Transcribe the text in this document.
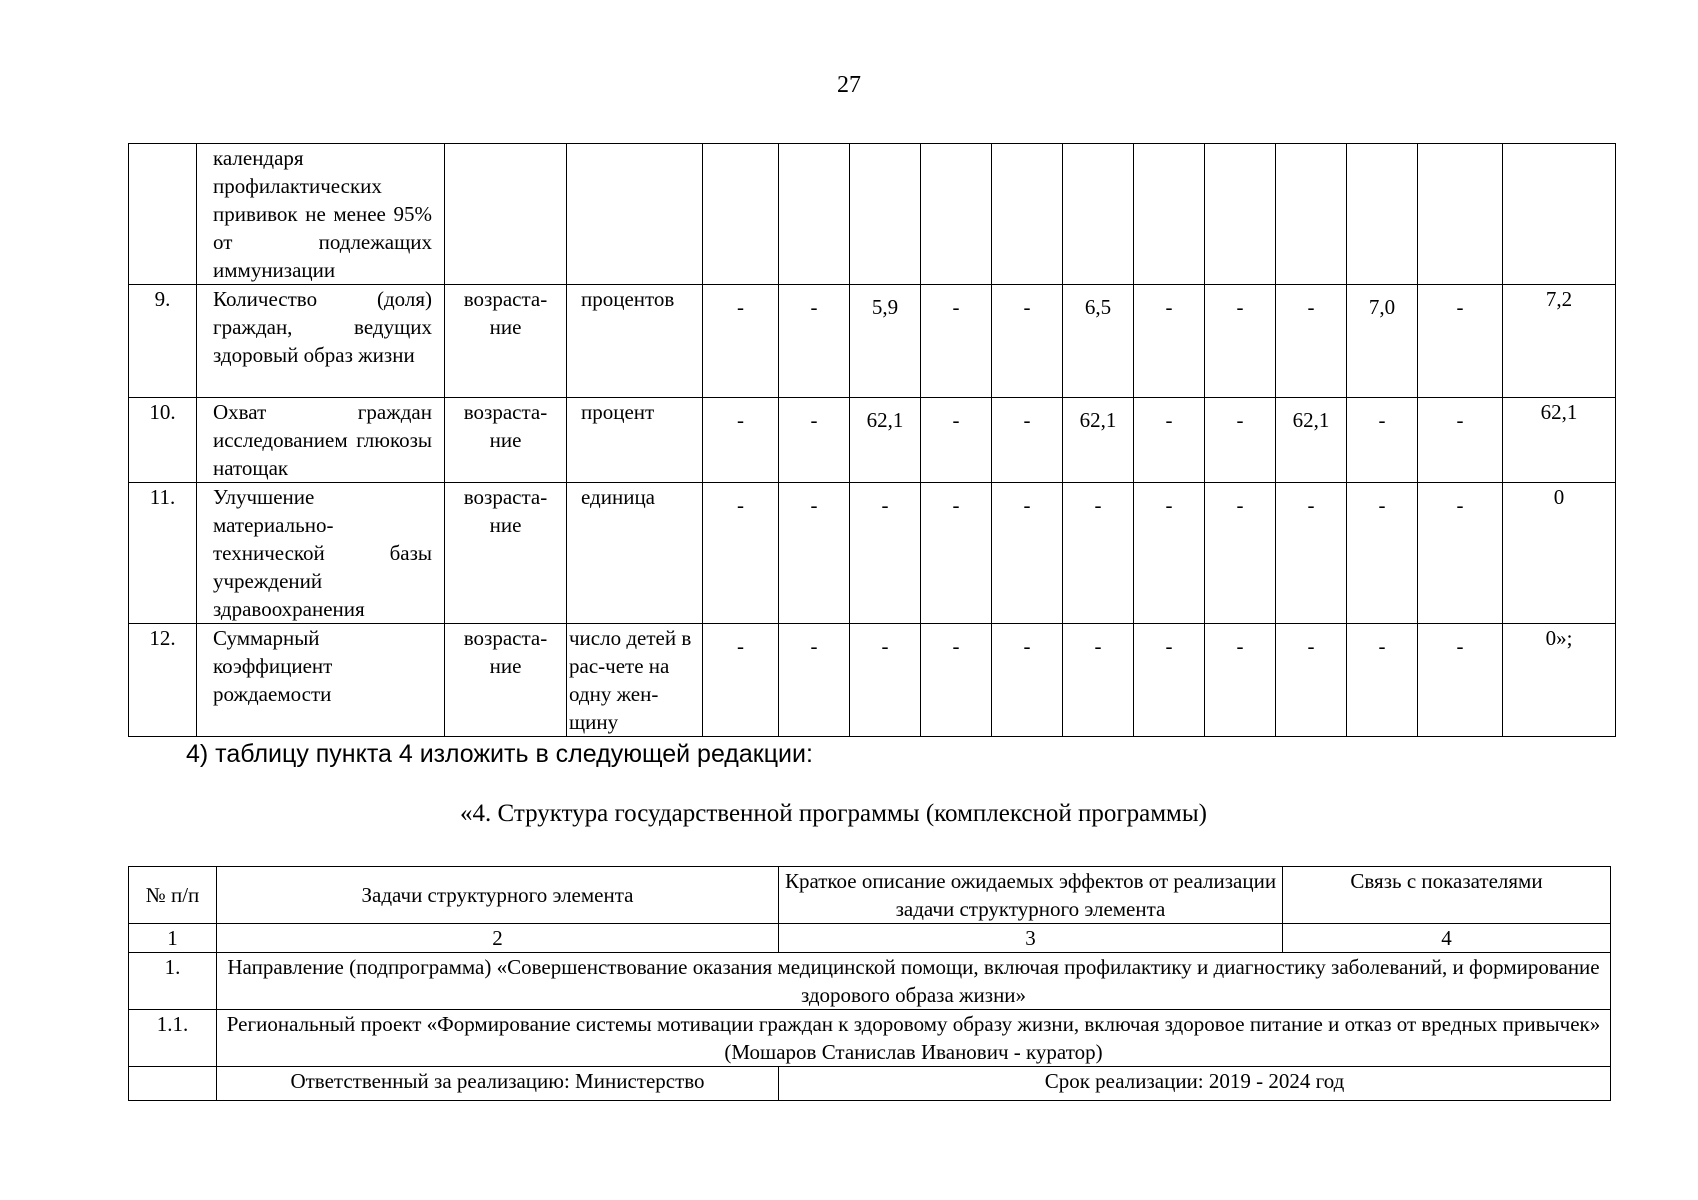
27
	календаря профилактических прививок не менее 95% от подлежащих иммунизации														
9.	Количество (доля) граждан, ведущих здоровый образ жизни	возраста-ние	процентов	-	-	5,9	-	-	6,5	-	-	-	7,0	-	7,2
10.	Охват граждан исследованием глюкозы натощак	возраста-ние	процент	-	-	62,1	-	-	62,1	-	-	62,1	-	-	62,1
11.	Улучшение материально-технической базы учреждений здравоохранения	возраста-ние	единица	-	-	-	-	-	-	-	-	-	-	-	0
12.	Суммарный коэффициент рождаемости	возраста-ние	число детей в рас-чете на одну жен-щину	-	-	-	-	-	-	-	-	-	-	-	0»;
4) таблицу пункта 4 изложить в следующей редакции:
«4. Структура государственной программы (комплексной программы)
№ п/п	Задачи структурного элемента	Краткое описание ожидаемых эффектов от реализации задачи структурного элемента	Связь с показателями
1	2	3	4
1.	Направление (подпрограмма) «Совершенствование оказания медицинской помощи, включая профилактику и диагностику заболеваний, и формирование здорового образа жизни»		
1.1.	Региональный проект «Формирование системы мотивации граждан к здоровому образу жизни, включая здоровое питание и отказ от вредных привычек» (Мошаров Станислав Иванович - куратор)		
	Ответственный за реализацию: Министерство	Срок реализации: 2019 - 2024 год	
